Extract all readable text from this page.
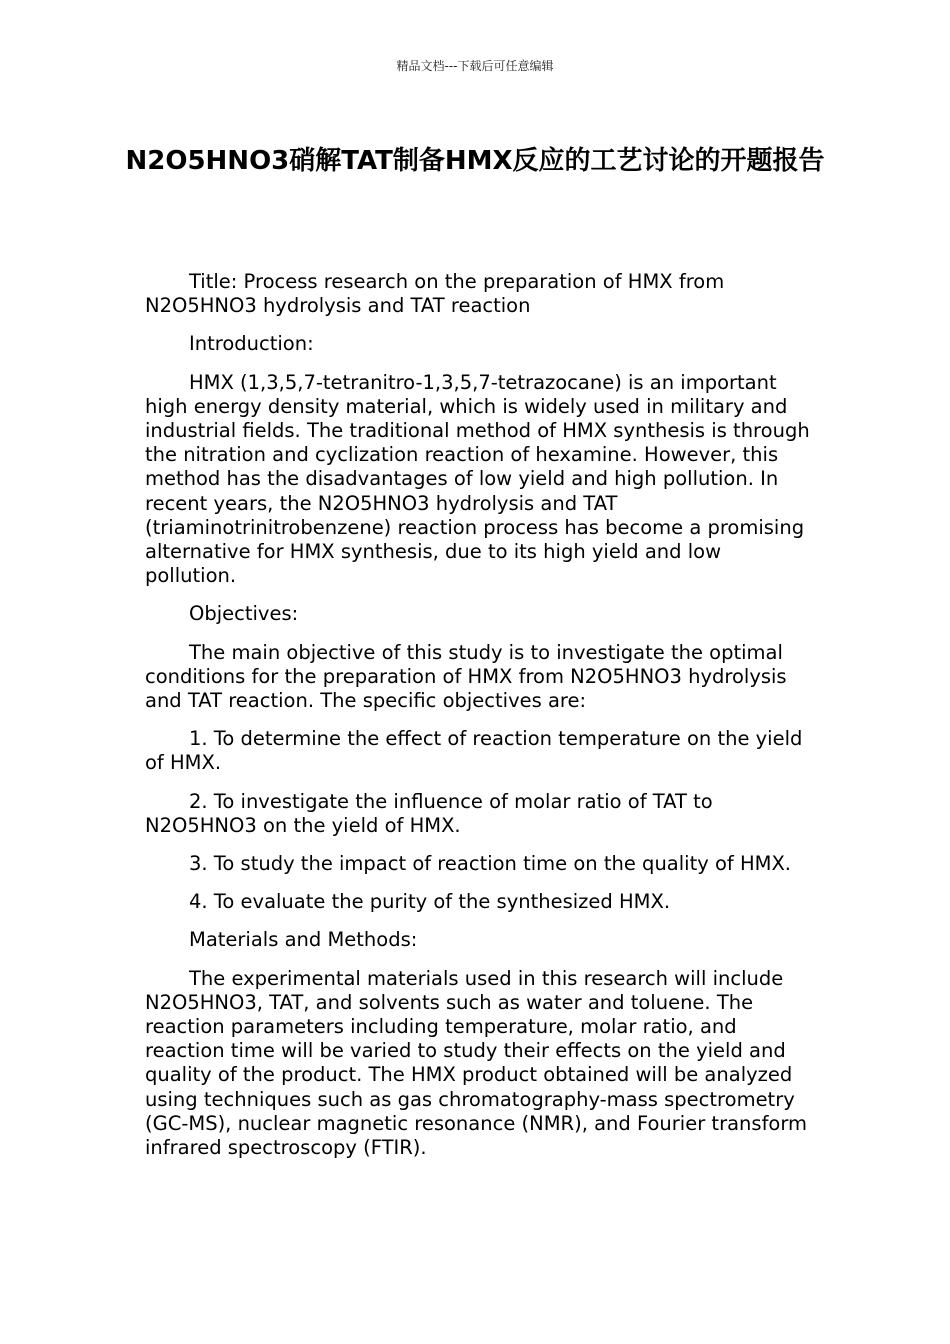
精品文档---下载后可任意编辑
N2O5HNO3硝解TAT制备HMX反应的工艺讨论的开题报告

Title: Process research on the preparation of HMX from N2O5HNO3 hydrolysis and TAT reaction

Introduction:

HMX (1,3,5,7-tetranitro-1,3,5,7-tetrazocane) is an important high energy density material, which is widely used in military and industrial fields. The traditional method of HMX synthesis is through the nitration and cyclization reaction of hexamine. However, this method has the disadvantages of low yield and high pollution. In recent years, the N2O5HNO3 hydrolysis and TAT (triaminotrinitrobenzene) reaction process has become a promising alternative for HMX synthesis, due to its high yield and low pollution.

Objectives:

The main objective of this study is to investigate the optimal conditions for the preparation of HMX from N2O5HNO3 hydrolysis and TAT reaction. The specific objectives are:

1. To determine the effect of reaction temperature on the yield of HMX.

2. To investigate the influence of molar ratio of TAT to N2O5HNO3 on the yield of HMX.

3. To study the impact of reaction time on the quality of HMX.

4. To evaluate the purity of the synthesized HMX.

Materials and Methods:

The experimental materials used in this research will include N2O5HNO3, TAT, and solvents such as water and toluene. The reaction parameters including temperature, molar ratio, and reaction time will be varied to study their effects on the yield and quality of the product. The HMX product obtained will be analyzed using techniques such as gas chromatography-mass spectrometry (GC-MS), nuclear magnetic resonance (NMR), and Fourier transform infrared spectroscopy (FTIR).
